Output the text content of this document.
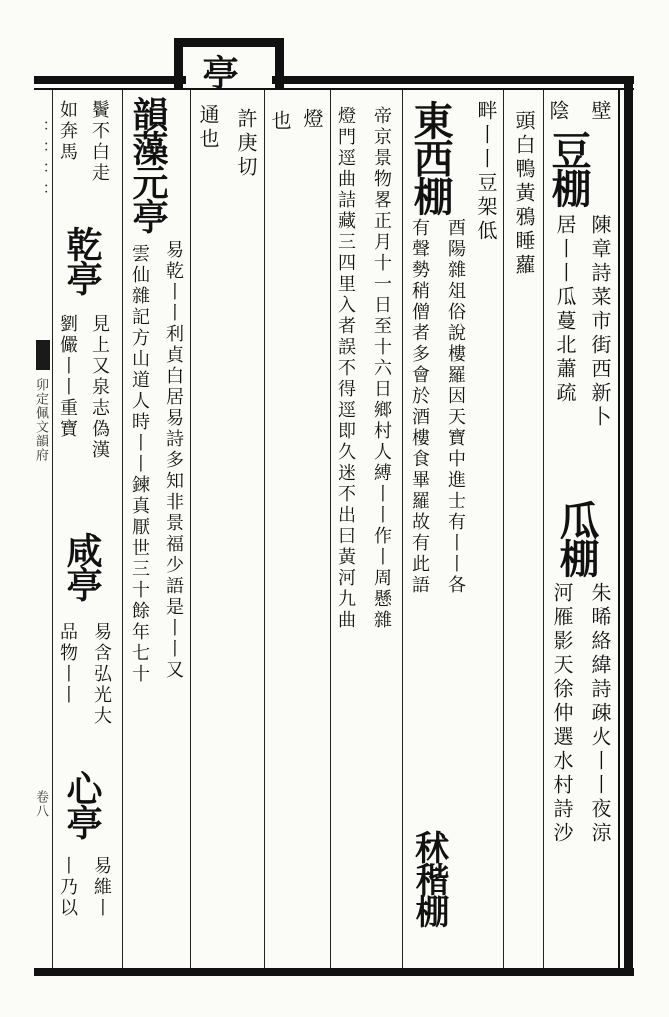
亭
：：：：
卯定佩文韻府
卷八
壁
陰
豆棚
居丨丨瓜蔓北蕭疏 陳章詩菜市街西新卜
瓜棚
朱晞絡緯詩疎火丨丨夜涼
河雁影天徐仲選水村詩沙
頭白鴨黃鴉睡蘿
畔丨丨豆架低
東西棚
酉陽雜俎俗說樓羅因天寶中進士有丨丨各
有聲勢稍僧者多會於酒樓食畢羅故有此語
秫稭棚
帝京景物畧正月十一日至十六日鄉村人縛丨丨作丨周懸雜
燈門逕曲詰藏三四里入者誤不得逕即久迷不出曰黃河九曲
燈
也
許庚切
通也
韻藻元亭
易乾丨丨利貞白居易詩多知非景福少語是丨丨又
雲仙雜記方山道人時丨丨鍊真厭世三十餘年七十
鬢不白走
如奔馬
乾亭
見上又泉志偽漢
劉儼丨丨重寶
咸亭
易含弘光大
品物丨丨
心亭
易維丨
丨乃以
